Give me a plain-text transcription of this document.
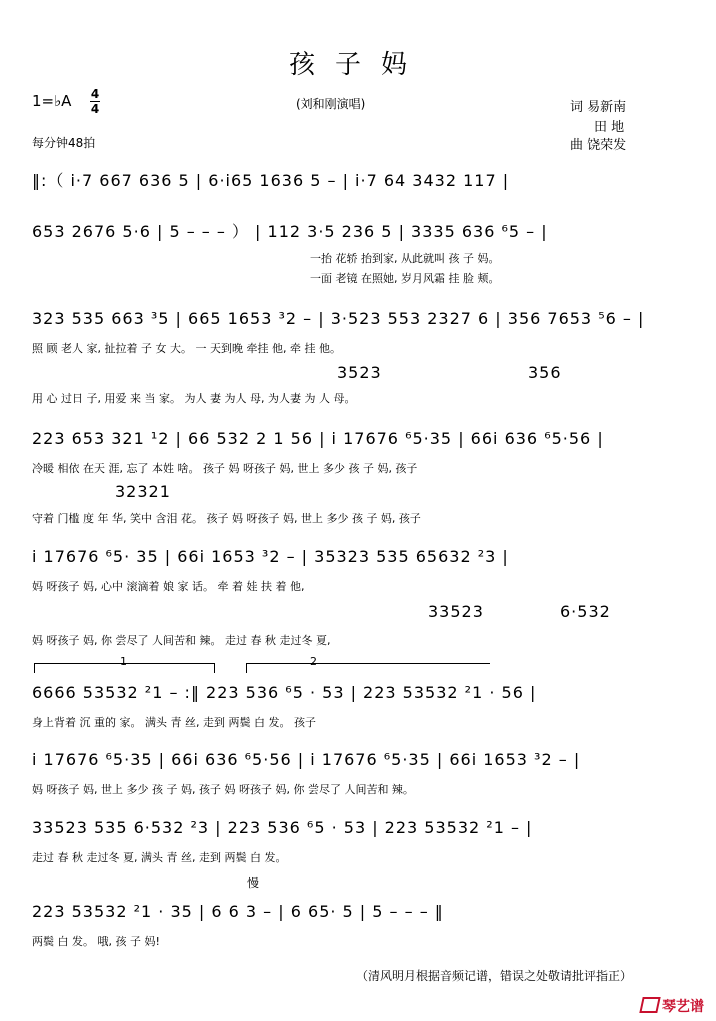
孩子妈
1=♭A 4
4	(刘和刚演唱)	词 易新南
田 地
曲 饶荣发
每分钟48拍
‖:（ i·7 667 636 5 | 6·i65 1636 5 – | i·7 64 3432 117 |
653 2676 5·6 | 5 – – – ） | 112 3·5 236 5 | 3335 636 ⁶5 – |
一抬 花轿 抬到家, 从此就叫 孩 子 妈。
一面 老镜 在照她, 岁月风霜 挂 脸 颊。
323 535 663 ³5 | 665 1653 ³2 – | 3·523 553 2327 6 | 356 7653 ⁵6 – |
照 顾 老人 家, 扯拉着 子 女 大。 一 天到晚 牵挂 他, 牵 挂 他。
3523	356
用 心 过日 子, 用爱 来 当 家。 为人 妻 为人 母, 为人妻 为 人 母。
223 653 321 ¹2 | 66 532 2 1 56 | i 17676 ⁶5·35 | 66i 636 ⁶5·56 |
冷暖 相依 在天 涯, 忘了 本姓 啥。 孩子 妈 呀孩子 妈, 世上 多少 孩 子 妈, 孩子
32321
守着 门槛 度 年 华, 笑中 含泪 花。 孩子 妈 呀孩子 妈, 世上 多少 孩 子 妈, 孩子
i 17676 ⁶5· 35 | 66i 1653 ³2 – | 35323 535 65632 ²3 |
妈 呀孩子 妈, 心中 滚滴着 娘 家 话。 牵 着 娃 扶 着 他,
33523	6·532
妈 呀孩子 妈, 你 尝尽了 人间苦和 辣。 走过 春 秋 走过冬 夏,
1	2
6666 53532 ²1 – :‖ 223 536 ⁶5 · 53 | 223 53532 ²1 · 56 |
身上背着 沉 重的 家。 满头 青 丝, 走到 两鬓 白 发。 孩子
i 17676 ⁶5·35 | 66i 636 ⁶5·56 | i 17676 ⁶5·35 | 66i 1653 ³2 – |
妈 呀孩子 妈, 世上 多少 孩 子 妈, 孩子 妈 呀孩子 妈, 你 尝尽了 人间苦和 辣。
33523 535 6·532 ²3 | 223 536 ⁶5 · 53 | 223 53532 ²1 – |
走过 春 秋 走过冬 夏, 满头 青 丝, 走到 两鬓 白 发。
慢
223 53532 ²1 · 35 | 6 6 3 – | 6 65· 5 | 5 – – – ‖
两鬓 白 发。 哦, 孩 子 妈!
（清风明月根据音频记谱，错误之处敬请批评指正）
琴艺谱
